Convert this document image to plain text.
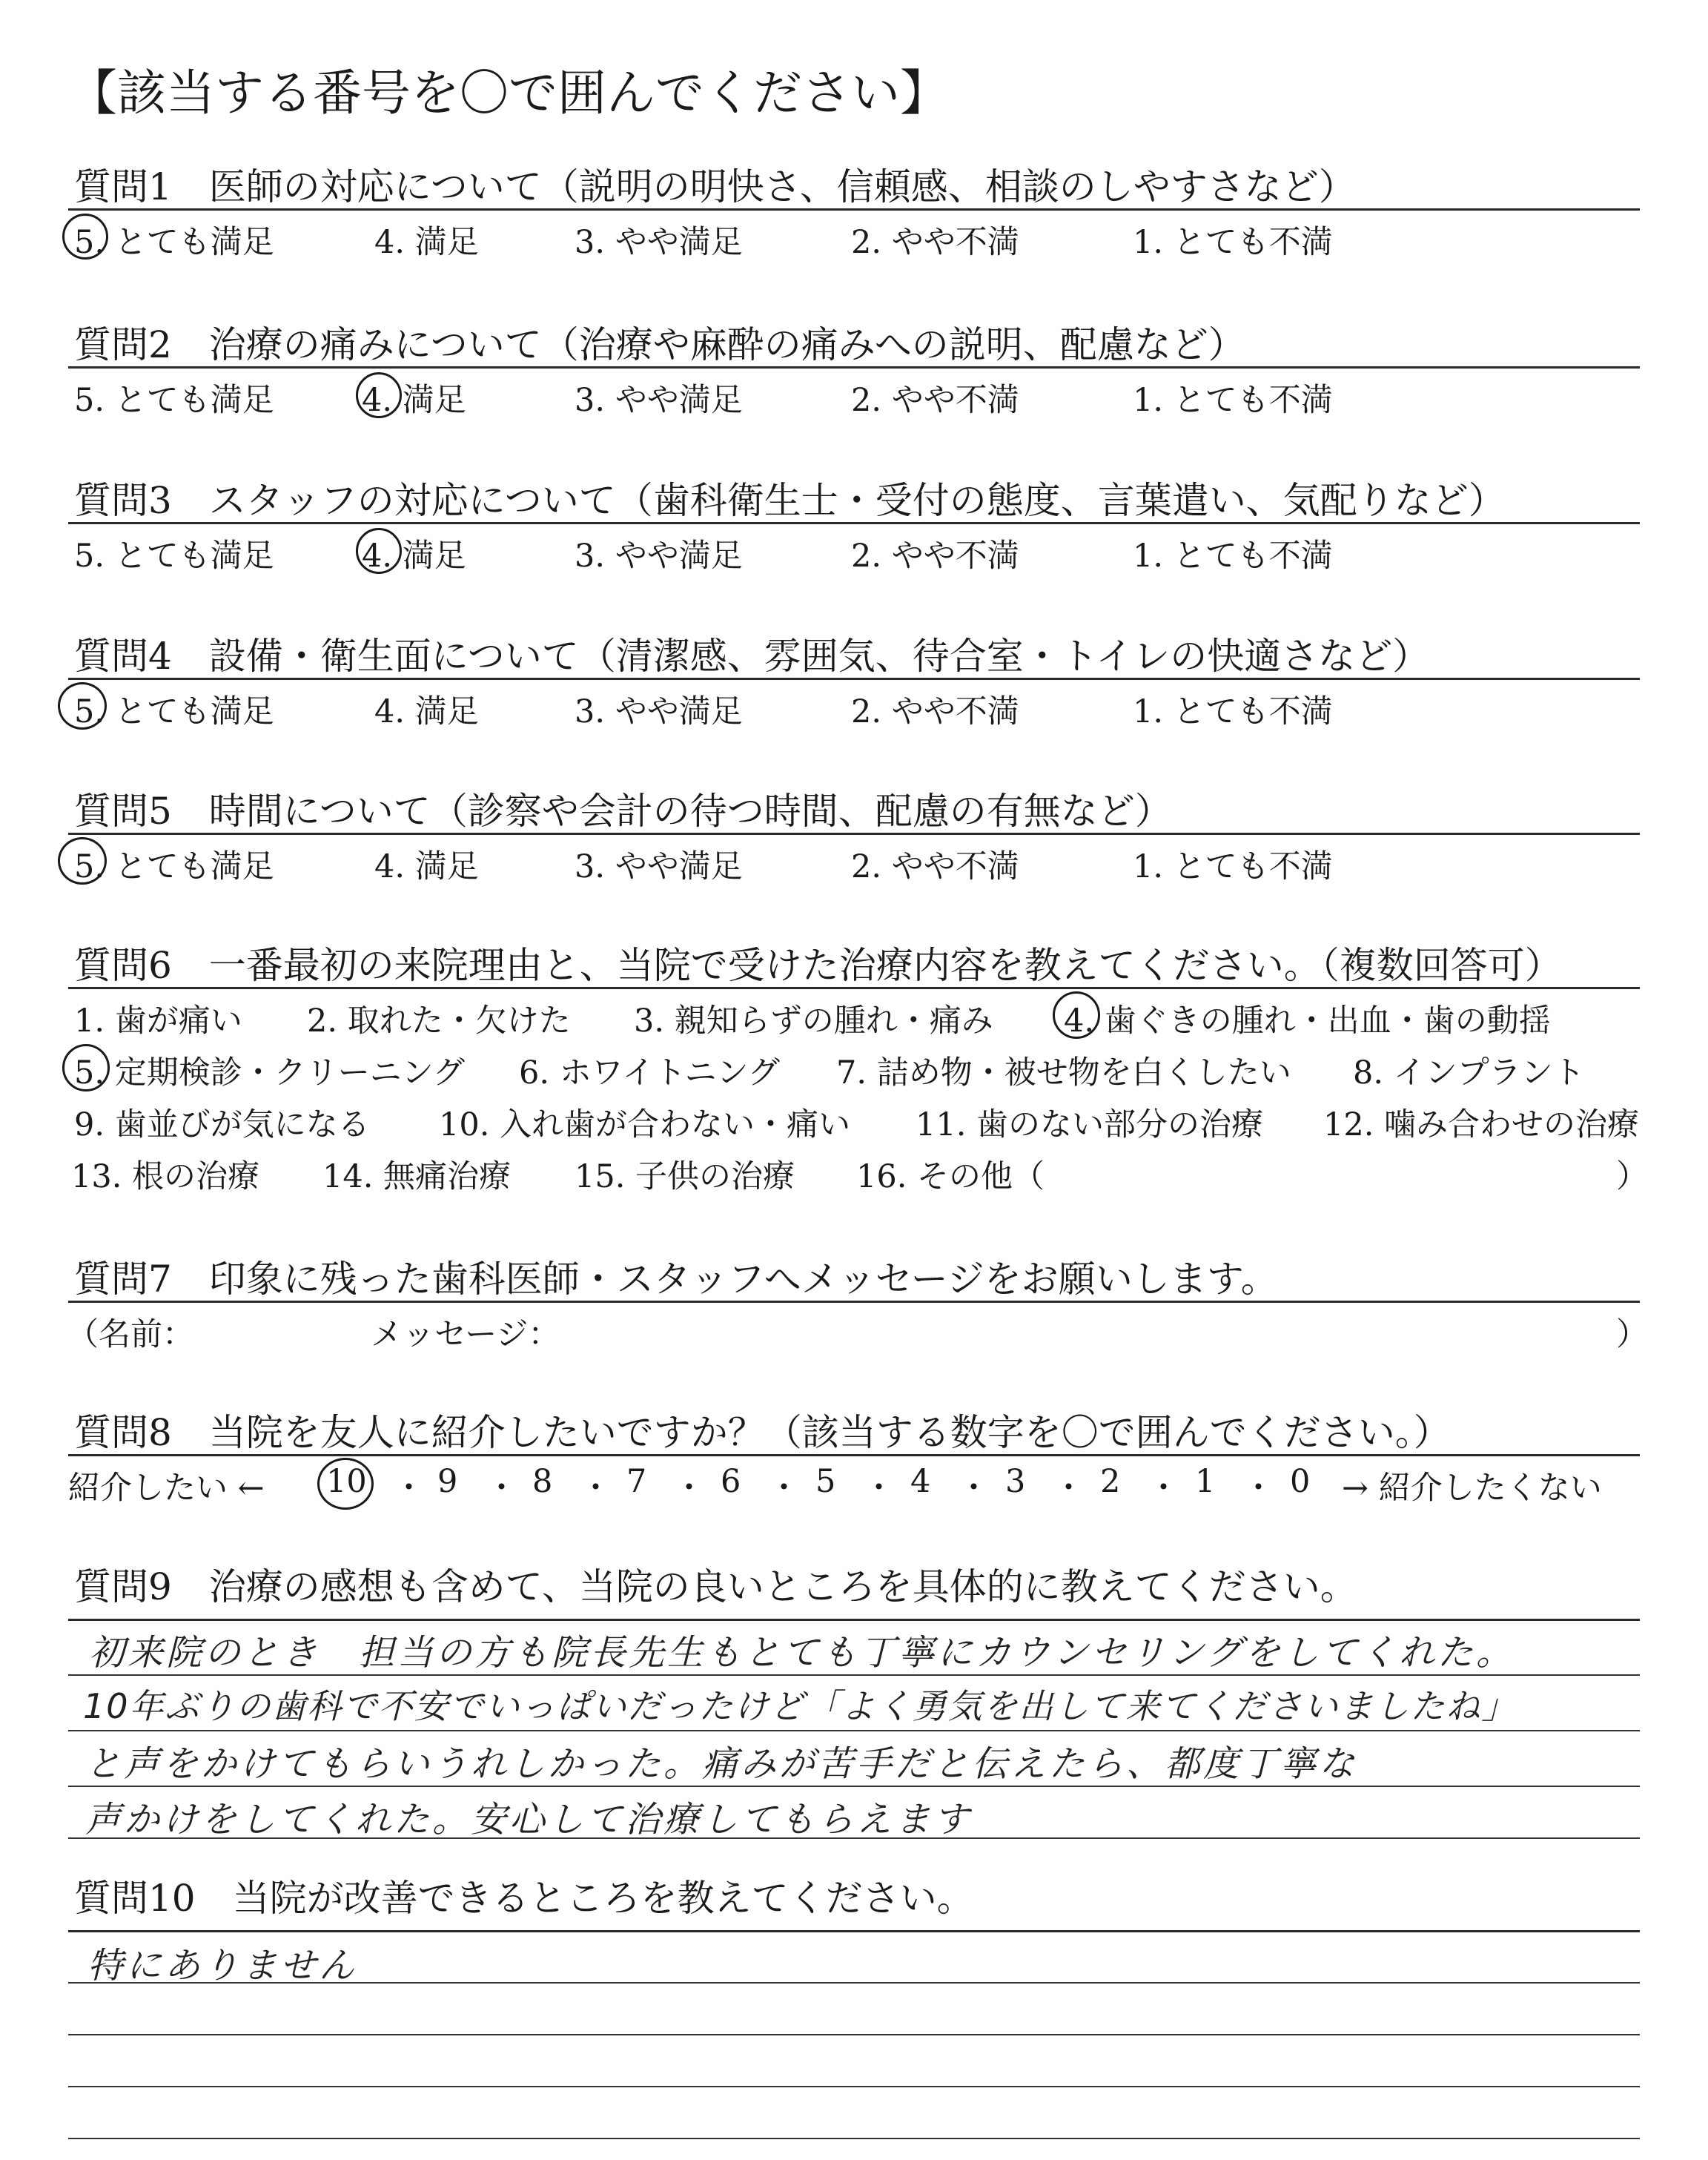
【該当する番号を〇で囲んでください】
質問1　医師の対応について（説明の明快さ、信頼感、相談のしやすさなど）
5. とても満足	4. 満足	3. やや満足	2. やや不満	1. とても不満
質問2　治療の痛みについて（治療や麻酔の痛みへの説明、配慮など）
5. とても満足	4. 満足	3. やや満足	2. やや不満	1. とても不満
質問3　スタッフの対応について（歯科衛生士・受付の態度、言葉遣い、気配りなど）
5. とても満足	4. 満足	3. やや満足	2. やや不満	1. とても不満
質問4　設備・衛生面について（清潔感、雰囲気、待合室・トイレの快適さなど）
5. とても満足	4. 満足	3. やや満足	2. やや不満	1. とても不満
質問5　時間について（診察や会計の待つ時間、配慮の有無など）
5. とても満足	4. 満足	3. やや満足	2. やや不満	1. とても不満
質問6　一番最初の来院理由と、当院で受けた治療内容を教えてください。（複数回答可）
1. 歯が痛い 2. 取れた・欠けた 3. 親知らずの腫れ・痛み 4. 歯ぐきの腫れ・出血・歯の動揺
5. 定期検診・クリーニング 6. ホワイトニング 7. 詰め物・被せ物を白くしたい 8. インプラント
9. 歯並びが気になる 10. 入れ歯が合わない・痛い 11. 歯のない部分の治療 12. 噛み合わせの治療
13. 根の治療 14. 無痛治療 15. 子供の治療 16. その他（	）
質問7　印象に残った歯科医師・スタッフへメッセージをお願いします。
（名前：	メッセージ：	）
質問8　当院を友人に紹介したいですか？（該当する数字を〇で囲んでください。）
紹介したい ← 10 ・ 9 ・ 8 ・ 7 ・ 6 ・ 5 ・ 4 ・ 3 ・ 2 ・ 1 ・ 0 → 紹介したくない
質問9　治療の感想も含めて、当院の良いところを具体的に教えてください。
初来院のとき　担当の方も院長先生もとても丁寧にカウンセリングをしてくれた。
10年ぶりの歯科で不安でいっぱいだったけど「よく勇気を出して来てくださいましたね」
と声をかけてもらいうれしかった。痛みが苦手だと伝えたら、都度丁寧な
声かけをしてくれた。安心して治療してもらえます
質問10　当院が改善できるところを教えてください。
特にありません
